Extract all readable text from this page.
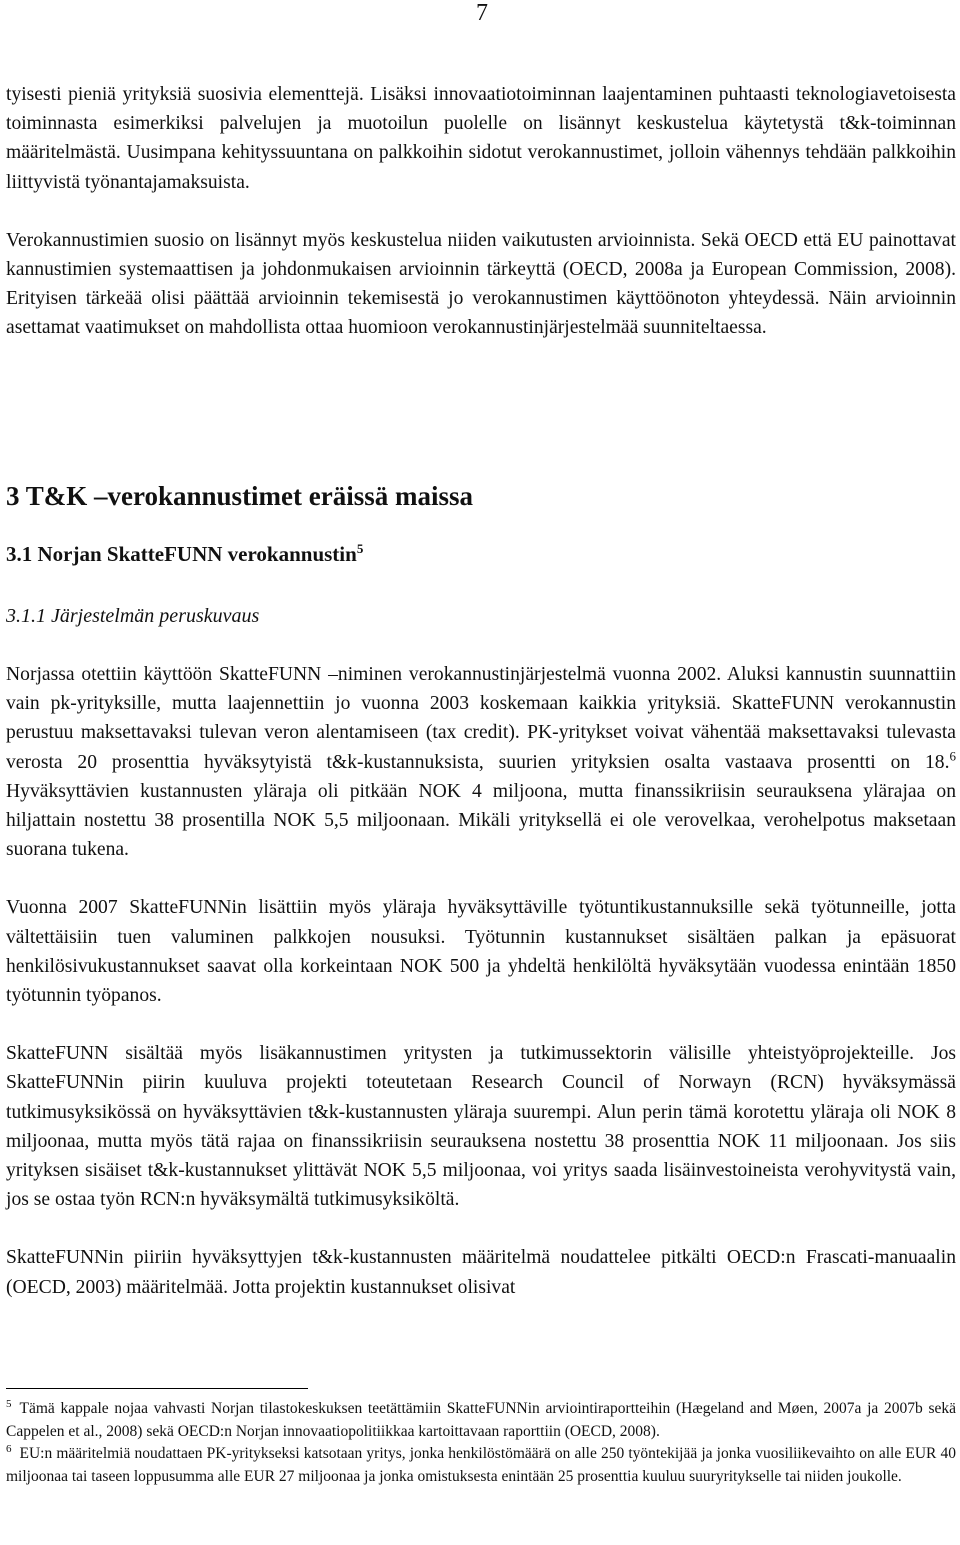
7

tyisesti pieniä yrityksiä suosivia elementtejä. Lisäksi innovaatiotoiminnan laajentaminen puhtaasti teknologiavetoisesta toiminnasta esimerkiksi palvelujen ja muotoilun puolelle on lisännyt keskustelua käytetystä t&k-toiminnan määritelmästä. Uusimpana kehityssuuntana on palkkoihin sidotut verokannustimet, jolloin vähennys tehdään palkkoihin liittyvistä työnantajamaksuista.

Verokannustimien suosio on lisännyt myös keskustelua niiden vaikutusten arvioinnista. Sekä OECD että EU painottavat kannustimien systemaattisen ja johdonmukaisen arvioinnin tärkeyttä (OECD, 2008a ja European Commission, 2008). Erityisen tärkeää olisi päättää arvioinnin tekemisestä jo verokannustimen käyttöönoton yhteydessä. Näin arvioinnin asettamat vaatimukset on mahdollista ottaa huomioon verokannustinjärjestelmää suunniteltaessa.

3 T&K –verokannustimet eräissä maissa
3.1 Norjan SkatteFUNN verokannustin$^5$
3.1.1 Järjestelmän peruskuvaus

Norjassa otettiin käyttöön SkatteFUNN –niminen verokannustinjärjestelmä vuonna 2002. Aluksi kannustin suunnattiin vain pk-yrityksille, mutta laajennettiin jo vuonna 2003 koskemaan kaikkia yrityksiä. SkatteFUNN verokannustin perustuu maksettavaksi tulevan veron alentamiseen (tax credit). PK-yritykset voivat vähentää maksettavaksi tulevasta verosta 20 prosenttia hyväksytyistä t&k-kustannuksista, suurien yrityksien osalta vastaava prosentti on 18.$^6$ Hyväksyttävien kustannusten yläraja oli pitkään NOK 4 miljoona, mutta finanssikriisin seurauksena ylärajaa on hiljattain nostettu 38 prosentilla NOK 5,5 miljoonaan. Mikäli yrityksellä ei ole verovelkaa, verohelpotus maksetaan suorana tukena.

Vuonna 2007 SkatteFUNNin lisättiin myös yläraja hyväksyttäville työtuntikustannuksille sekä työtunneille, jotta vältettäisiin tuen valuminen palkkojen nousuksi. Työtunnin kustannukset sisältäen palkan ja epäsuorat henkilösivukustannukset saavat olla korkeintaan NOK 500 ja yhdeltä henkilöltä hyväksytään vuodessa enintään 1850 työtunnin työpanos.

SkatteFUNN sisältää myös lisäkannustimen yritysten ja tutkimussektorin välisille yhteistyöprojekteille. Jos SkatteFUNNin piirin kuuluva projekti toteutetaan Research Council of Norwayn (RCN) hyväksymässä tutkimusyksikössä on hyväksyttävien t&k-kustannusten yläraja suurempi. Alun perin tämä korotettu yläraja oli NOK 8 miljoonaa, mutta myös tätä rajaa on finanssikriisin seurauksena nostettu 38 prosenttia NOK 11 miljoonaan. Jos siis yrityksen sisäiset t&k-kustannukset ylittävät NOK 5,5 miljoonaa, voi yritys saada lisäinvestoineista verohyvitystä vain, jos se ostaa työn RCN:n hyväksymältä tutkimusyksiköltä.

SkatteFUNNin piiriin hyväksyttyjen t&k-kustannusten määritelmä noudattelee pitkälti OECD:n Frascati-manuaalin (OECD, 2003) määritelmää. Jotta projektin kustannukset olisivat

$^5$ Tämä kappale nojaa vahvasti Norjan tilastokeskuksen teetättämiin SkatteFUNNin arviointiraportteihin (Hægeland and Møen, 2007a ja 2007b sekä Cappelen et al., 2008) sekä OECD:n Norjan innovaatiopolitiikkaa kartoittavaan raporttiin (OECD, 2008).

$^6$ EU:n määritelmiä noudattaen PK-yritykseksi katsotaan yritys, jonka henkilöstömäärä on alle 250 työntekijää ja jonka vuosiliikevaihto on alle EUR 40 miljoonaa tai taseen loppusumma alle EUR 27 miljoonaa ja jonka omistuksesta enintään 25 prosenttia kuuluu suuryritykselle tai niiden joukolle.
